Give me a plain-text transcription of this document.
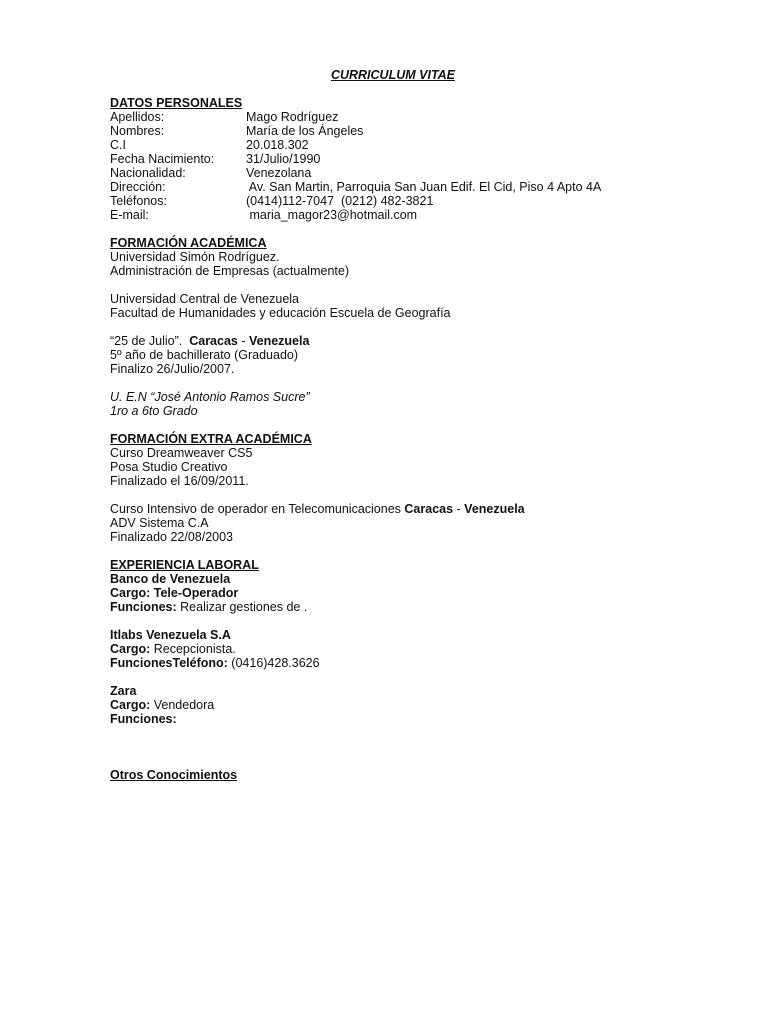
CURRICULUM VITAE
DATOS PERSONALES
Apellidos:	Mago Rodríguez
Nombres:	María de los Ángeles
C.I	20.018.302
Fecha Nacimiento:	31/Julio/1990
Nacionalidad:	Venezolana
Dirección:	Av. San Martin, Parroquia San Juan Edif. El Cid, Piso 4 Apto 4A
Teléfonos:	(0414)112-7047  (0212) 482-3821
E-mail:	maria_magor23@hotmail.com
FORMACIÓN ACADÉMICA
Universidad Simón Rodríguez.
Administración de Empresas (actualmente)
Universidad Central de Venezuela
Facultad de Humanidades y educación Escuela de Geografía
“25 de Julio”.  Caracas - Venezuela
5º año de bachillerato (Graduado)
Finalizo 26/Julio/2007.
U. E.N “José Antonio Ramos Sucre”
1ro a 6to Grado
FORMACIÓN EXTRA ACADÉMICA
Curso Dreamweaver CS5
Posa Studio Creativo
Finalizado el 16/09/2011.
Curso Intensivo de operador en Telecomunicaciones Caracas - Venezuela
ADV Sistema C.A
Finalizado 22/08/2003
EXPERIENCIA LABORAL
Banco de Venezuela
Cargo: Tele-Operador
Funciones: Realizar gestiones de .
Itlabs Venezuela S.A
Cargo: Recepcionista.
FuncionesTeléfono: (0416)428.3626
Zara
Cargo: Vendedora
Funciones:
Otros Conocimientos
